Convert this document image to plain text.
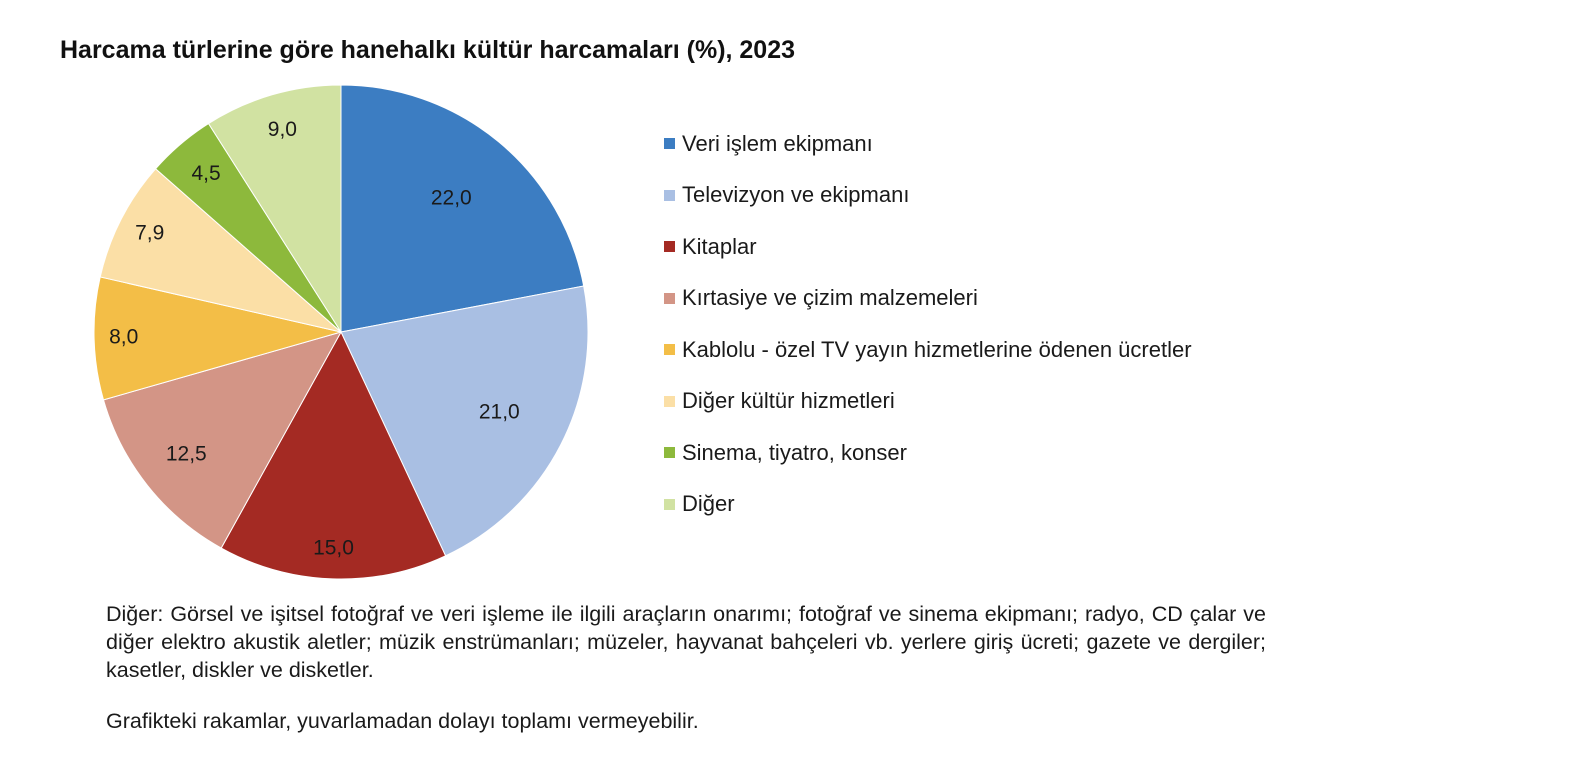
Harcama türlerine göre hanehalkı kültür harcamaları (%), 2023
22,0
21,0
15,0
12,5
8,0
7,9
4,5
9,0
Veri işlem ekipmanı
Televizyon ve ekipmanı
Kitaplar
Kırtasiye ve çizim malzemeleri
Kablolu - özel TV yayın hizmetlerine ödenen ücretler
Diğer kültür hizmetleri
Sinema, tiyatro, konser
Diğer

Diğer: Görsel ve işitsel fotoğraf ve veri işleme ile ilgili araçların onarımı; fotoğraf ve sinema ekipmanı; radyo, CD çalar ve diğer elektro akustik aletler; müzik enstrümanları; müzeler, hayvanat bahçeleri vb. yerlere giriş ücreti; gazete ve dergiler; kasetler, diskler ve disketler.

Grafikteki rakamlar, yuvarlamadan dolayı toplamı vermeyebilir.
